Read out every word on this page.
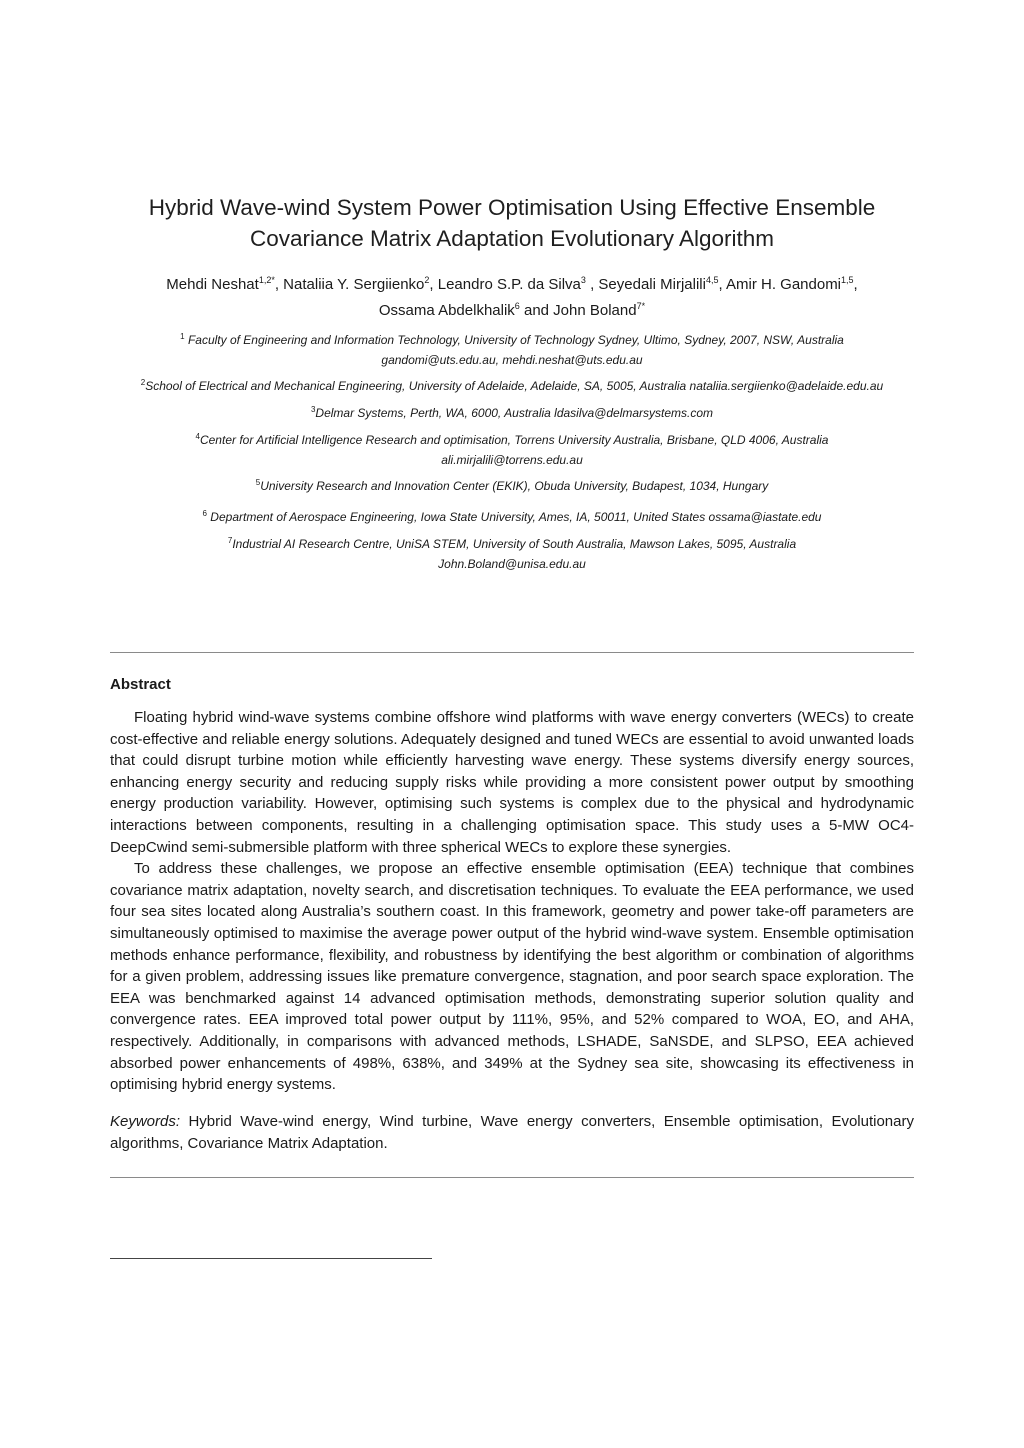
Hybrid Wave-wind System Power Optimisation Using Effective Ensemble
Covariance Matrix Adaptation Evolutionary Algorithm
Mehdi Neshat$^{1,2*}$, Nataliia Y. Sergiienko$^2$, Leandro S.P. da Silva$^3$ , Seyedali Mirjalili$^{4,5}$, Amir H. Gandomi$^{1,5}$,
Ossama Abdelkhalik$^6$ and John Boland$^{7*}$
$^1$ Faculty of Engineering and Information Technology, University of Technology Sydney, Ultimo, Sydney, 2007, NSW, Australia
gandomi@uts.edu.au, mehdi.neshat@uts.edu.au
$^2$School of Electrical and Mechanical Engineering, University of Adelaide, Adelaide, SA, 5005, Australia nataliia.sergiienko@adelaide.edu.au
$^3$Delmar Systems, Perth, WA, 6000, Australia ldasilva@delmarsystems.com
$^4$Center for Artificial Intelligence Research and optimisation, Torrens University Australia, Brisbane, QLD 4006, Australia
ali.mirjalili@torrens.edu.au
$^5$University Research and Innovation Center (EKIK), Obuda University, Budapest, 1034, Hungary
$^6$ Department of Aerospace Engineering, Iowa State University, Ames, IA, 50011, United States ossama@iastate.edu
$^7$Industrial AI Research Centre, UniSA STEM, University of South Australia, Mawson Lakes, 5095, Australia
John.Boland@unisa.edu.au
Abstract

Floating hybrid wind-wave systems combine offshore wind platforms with wave energy converters (WECs) to create cost-effective and reliable energy solutions. Adequately designed and tuned WECs are essential to avoid unwanted loads that could disrupt turbine motion while efficiently harvesting wave energy. These systems diversify energy sources, enhancing energy security and reducing supply risks while providing a more consistent power output by smoothing energy production variability. However, optimising such systems is complex due to the physical and hydrodynamic interactions between components, resulting in a challenging optimisation space. This study uses a 5-MW OC4-DeepCwind semi-submersible platform with three spherical WECs to explore these synergies.

To address these challenges, we propose an effective ensemble optimisation (EEA) technique that combines covariance matrix adaptation, novelty search, and discretisation techniques. To evaluate the EEA performance, we used four sea sites located along Australia’s southern coast. In this framework, geometry and power take-off parameters are simultaneously optimised to maximise the average power output of the hybrid wind-wave system. Ensemble optimisation methods enhance performance, flexibility, and robustness by identifying the best algorithm or combination of algorithms for a given problem, addressing issues like premature convergence, stagnation, and poor search space exploration. The EEA was benchmarked against 14 advanced optimisation methods, demonstrating superior solution quality and convergence rates. EEA improved total power output by 111%, 95%, and 52% compared to WOA, EO, and AHA, respectively. Additionally, in comparisons with advanced methods, LSHADE, SaNSDE, and SLPSO, EEA achieved absorbed power enhancements of 498%, 638%, and 349% at the Sydney sea site, showcasing its effectiveness in optimising hybrid energy systems.

Keywords: Hybrid Wave-wind energy, Wind turbine, Wave energy converters, Ensemble optimisation, Evolutionary algorithms, Covariance Matrix Adaptation.
